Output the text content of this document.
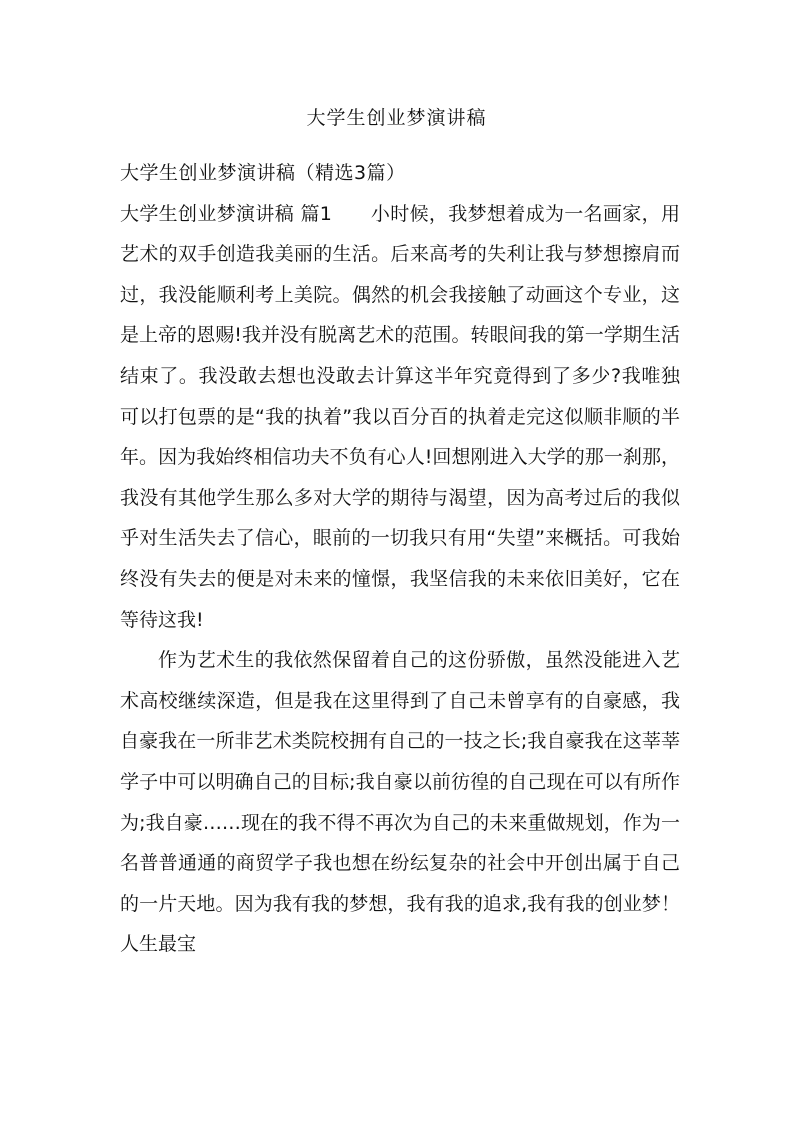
大学生创业梦演讲稿

大学生创业梦演讲稿（精选3篇）

大学生创业梦演讲稿 篇1　　小时候，我梦想着成为一名画家，用艺术的双手创造我美丽的生活。后来高考的失利让我与梦想擦肩而过，我没能顺利考上美院。偶然的机会我接触了动画这个专业，这是上帝的恩赐!我并没有脱离艺术的范围。转眼间我的第一学期生活结束了。我没敢去想也没敢去计算这半年究竟得到了多少?我唯独可以打包票的是“我的执着”我以百分百的执着走完这似顺非顺的半年。因为我始终相信功夫不负有心人!回想刚进入大学的那一刹那，我没有其他学生那么多对大学的期待与渴望，因为高考过后的我似乎对生活失去了信心，眼前的一切我只有用“失望”来概括。可我始终没有失去的便是对未来的憧憬，我坚信我的未来依旧美好，它在等待这我!

作为艺术生的我依然保留着自己的这份骄傲，虽然没能进入艺术高校继续深造，但是我在这里得到了自己未曾享有的自豪感，我自豪我在一所非艺术类院校拥有自己的一技之长;我自豪我在这莘莘学子中可以明确自己的目标;我自豪以前彷徨的自己现在可以有所作为;我自豪……现在的我不得不再次为自己的未来重做规划，作为一名普普通通的商贸学子我也想在纷纭复杂的社会中开创出属于自己的一片天地。因为我有我的梦想，我有我的追求,我有我的创业梦！人生最宝
